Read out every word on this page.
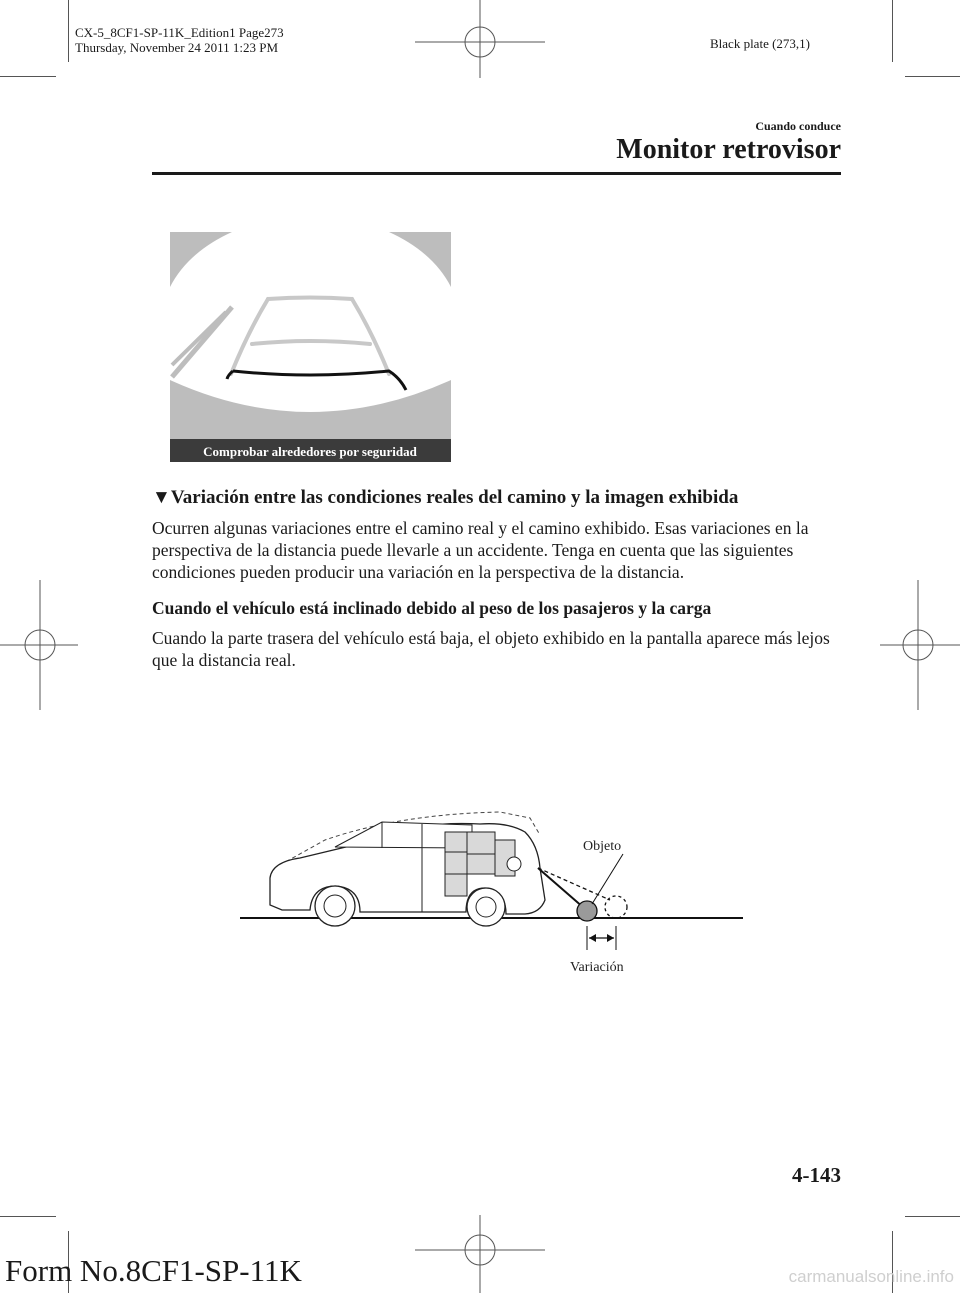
CX-5_8CF1-SP-11K_Edition1 Page273
Thursday, November 24 2011 1:23 PM	Black plate (273,1)
Cuando conduce
Monitor retrovisor
Comprobar alrededores por seguridad
▼Variación entre las condiciones reales del camino y la imagen exhibida
Ocurren algunas variaciones entre el camino real y el camino exhibido. Esas variaciones en la perspectiva de la distancia puede llevarle a un accidente. Tenga en cuenta que las siguientes condiciones pueden producir una variación en la perspectiva de la distancia.
Cuando el vehículo está inclinado debido al peso de los pasajeros y la carga
Cuando la parte trasera del vehículo está baja, el objeto exhibido en la pantalla aparece más lejos que la distancia real.
Objeto
Variación
4-143
Form No.8CF1-SP-11K	carmanualsonline.info
